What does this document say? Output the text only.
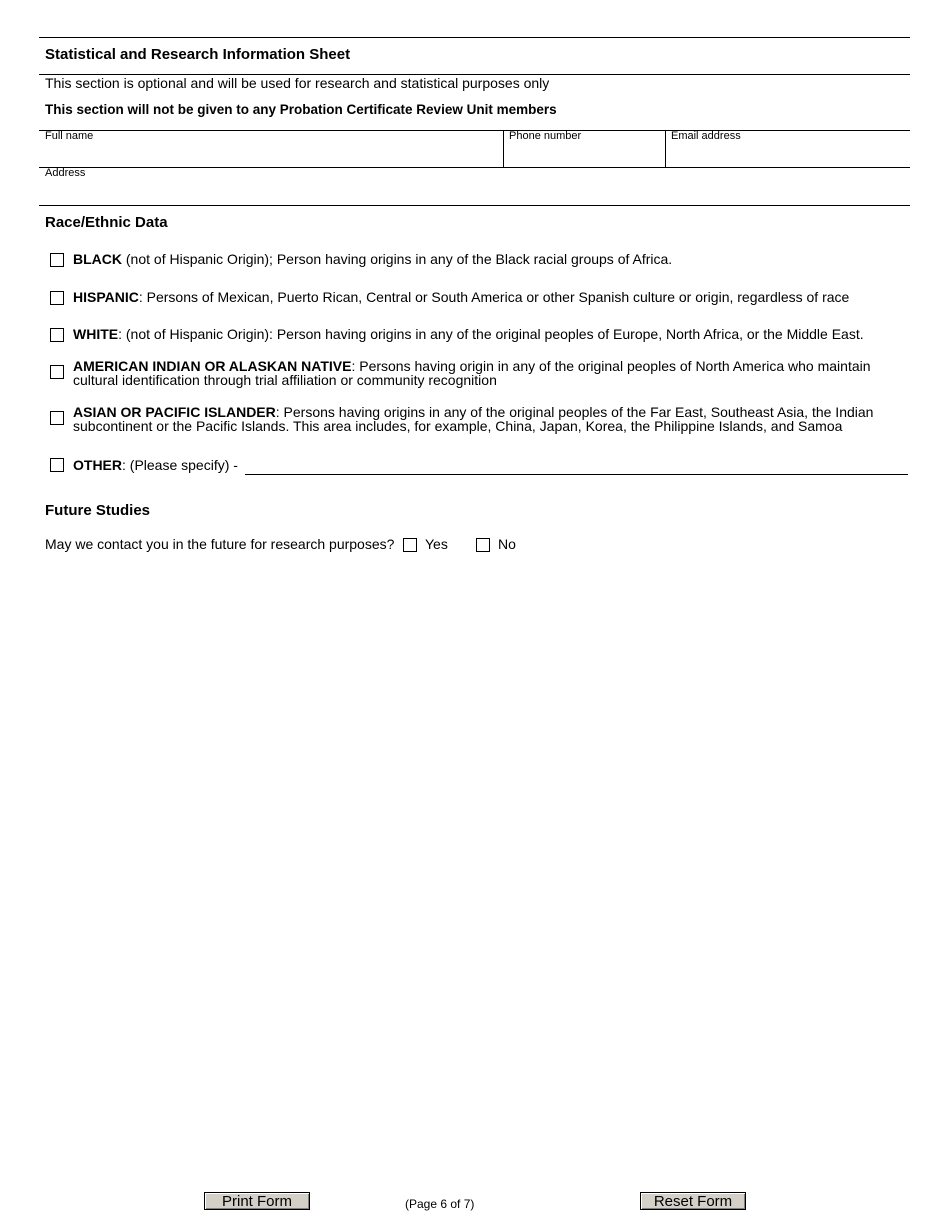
Statistical and Research Information Sheet
This section is optional and will be used for research and statistical purposes only
This section will not be given to any Probation Certificate Review Unit members
Full name	Phone number	Email address
Address
Race/Ethnic Data
BLACK (not of Hispanic Origin); Person having origins in any of the Black racial groups of Africa.
HISPANIC: Persons of Mexican, Puerto Rican, Central or South America or other Spanish culture or origin, regardless of race
WHITE: (not of Hispanic Origin): Person having origins in any of the original peoples of Europe, North Africa, or the Middle East.
AMERICAN INDIAN OR ALASKAN NATIVE: Persons having origin in any of the original peoples of North America who maintain cultural identification through trial affiliation or community recognition
ASIAN OR PACIFIC ISLANDER: Persons having origins in any of the original peoples of the Far East, Southeast Asia, the Indian subcontinent or the Pacific Islands. This area includes, for example, China, Japan, Korea, the Philippine Islands, and Samoa
OTHER: (Please specify) -
Future Studies
May we contact you in the future for research purposes? Yes	No
Print Form	(Page 6 of 7)	Reset Form
